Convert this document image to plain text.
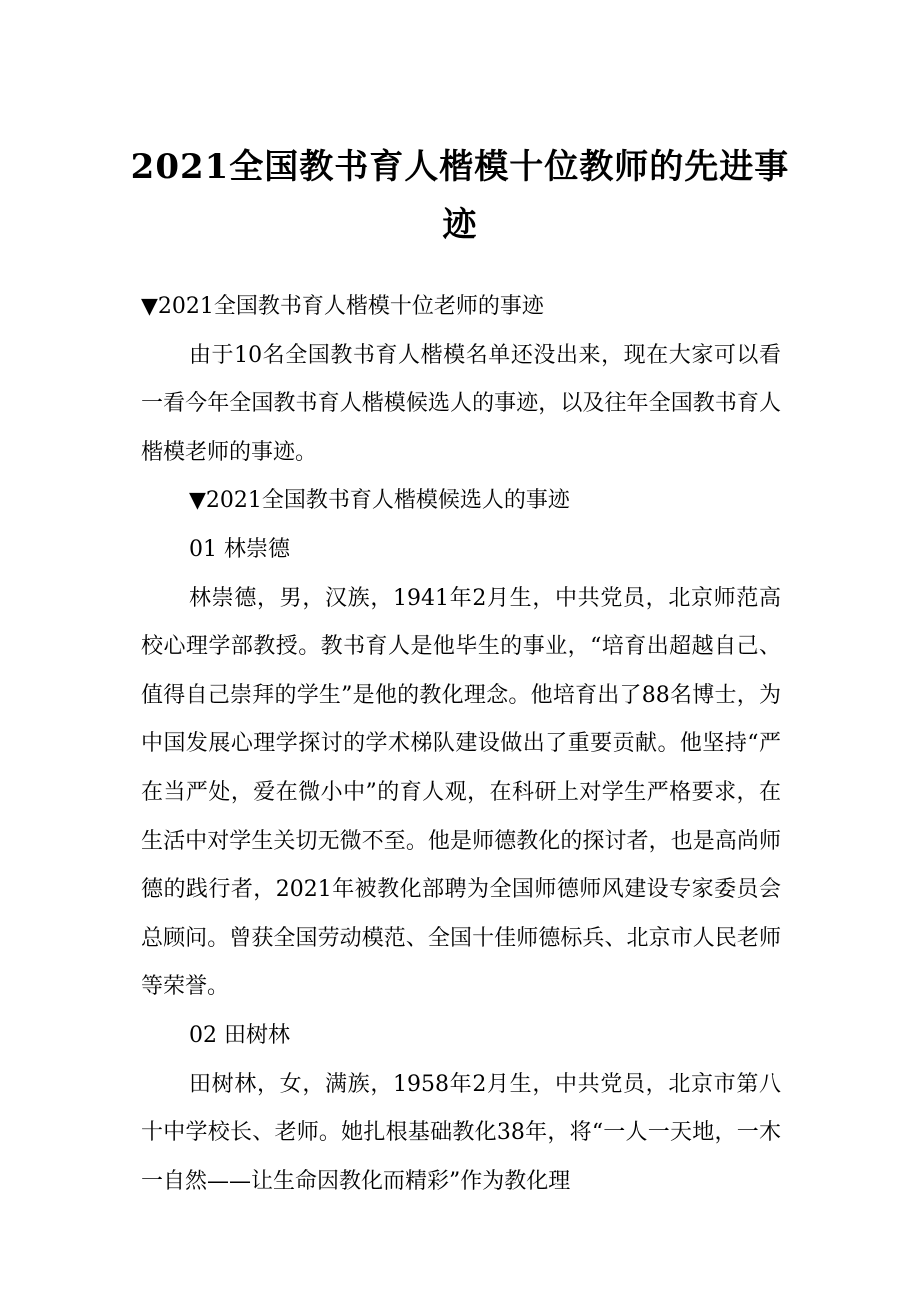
2021全国教书育人楷模十位教师的先进事迹

▼2021全国教书育人楷模十位老师的事迹

由于10名全国教书育人楷模名单还没出来，现在大家可以看一看今年全国教书育人楷模候选人的事迹，以及往年全国教书育人楷模老师的事迹。

▼2021全国教书育人楷模候选人的事迹

01 林崇德

林崇德，男，汉族，1941年2月生，中共党员，北京师范高校心理学部教授。教书育人是他毕生的事业，“培育出超越自己、值得自己崇拜的学生”是他的教化理念。他培育出了88名博士，为中国发展心理学探讨的学术梯队建设做出了重要贡献。他坚持“严在当严处，爱在微小中”的育人观，在科研上对学生严格要求，在生活中对学生关切无微不至。他是师德教化的探讨者，也是高尚师德的践行者，2021年被教化部聘为全国师德师风建设专家委员会总顾问。曾获全国劳动模范、全国十佳师德标兵、北京市人民老师等荣誉。

02 田树林

田树林，女，满族，1958年2月生，中共党员，北京市第八十中学校长、老师。她扎根基础教化38年，将“一人一天地，一木一自然——让生命因教化而精彩”作为教化理
